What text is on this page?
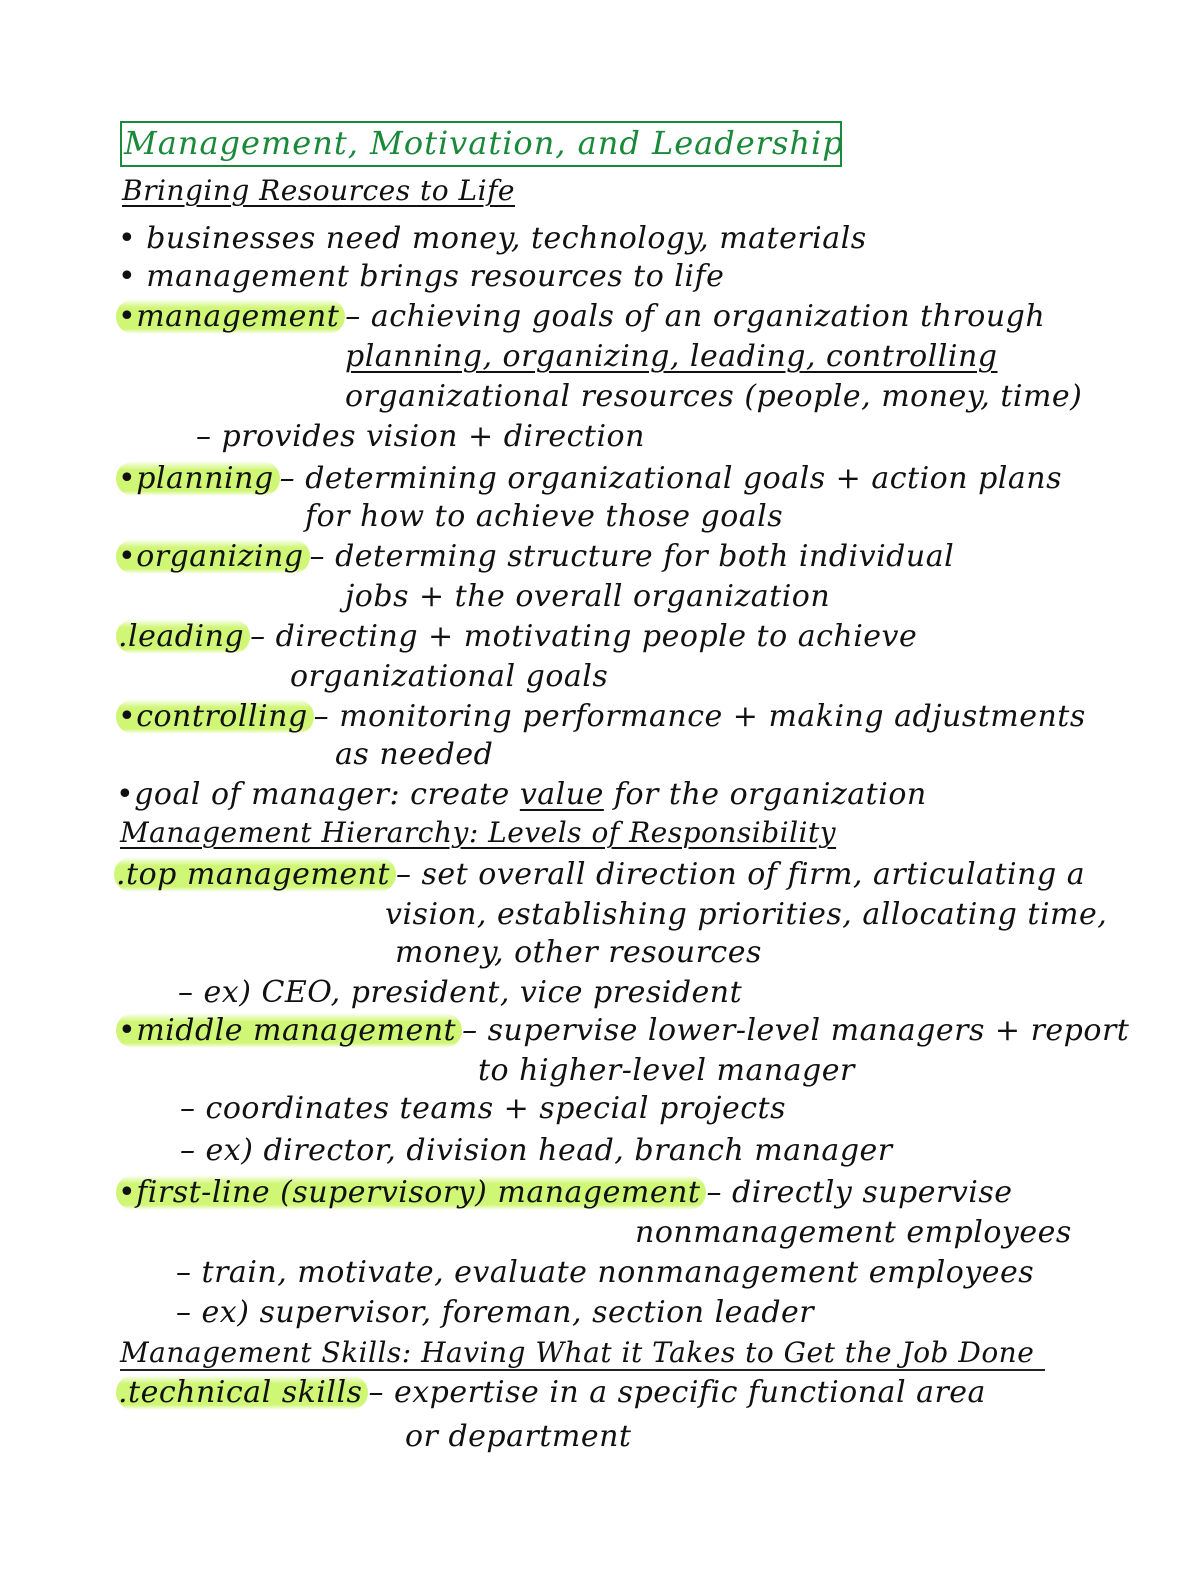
Management, Motivation, and Leadership
Bringing Resources to Life
• businesses need money, technology, materials
• management brings resources to life
•management – achieving goals of an organization through
planning, organizing, leading, controlling
organizational resources (people, money, time)
– provides vision + direction
•planning – determining organizational goals + action plans
for how to achieve those goals
•organizing – determing structure for both individual
jobs + the overall organization
.leading – directing + motivating people to achieve
organizational goals
•controlling – monitoring performance + making adjustments
as needed
•goal of manager: create value for the organization
Management Hierarchy: Levels of Responsibility
.top management – set overall direction of firm, articulating a
vision, establishing priorities, allocating time,
money, other resources
– ex) CEO, president, vice president
•middle management – supervise lower-level managers + report
to higher-level manager
– coordinates teams + special projects
– ex) director, division head, branch manager
•first-line (supervisory) management – directly supervise
nonmanagement employees
– train, motivate, evaluate nonmanagement employees
– ex) supervisor, foreman, section leader
Management Skills: Having What it Takes to Get the Job Done
.technical skills – expertise in a specific functional area
or department
